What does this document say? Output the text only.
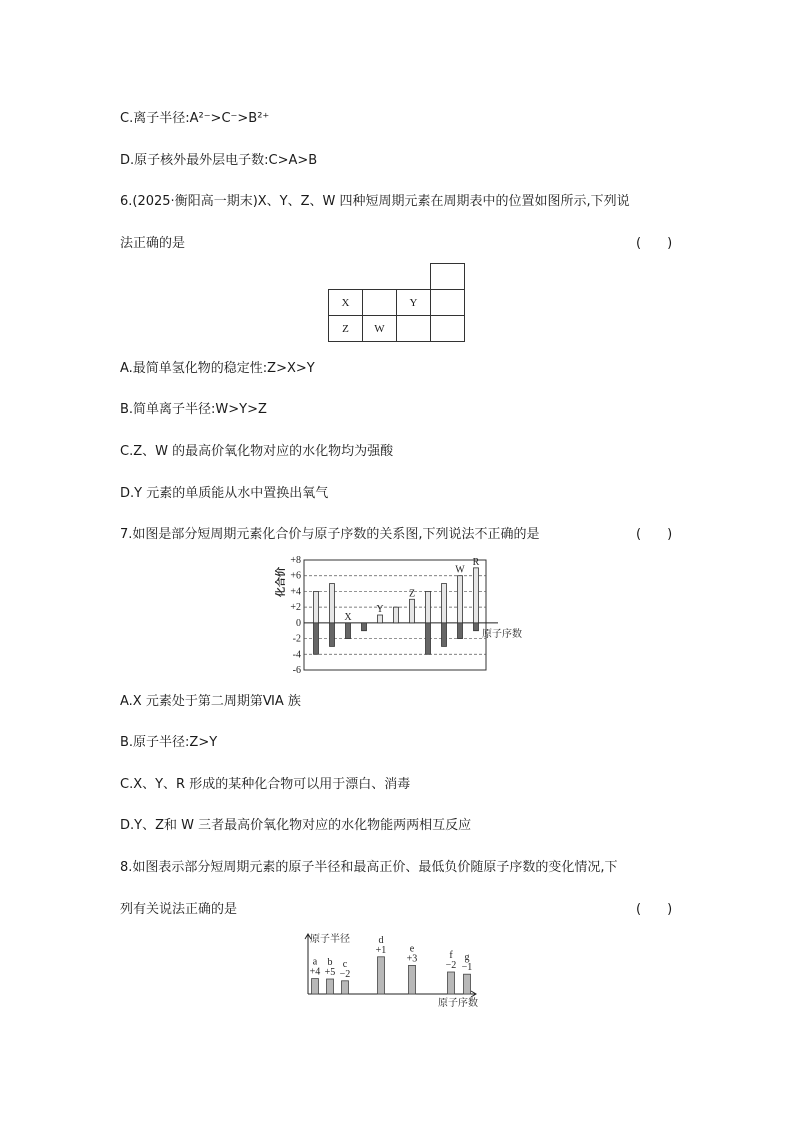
C.离子半径:A²⁻>C⁻>B²⁺
D.原子核外最外层电子数:C>A>B
6.(2025·衡阳高一期末)X、Y、Z、W 四种短周期元素在周期表中的位置如图所示,下列说
法正确的是	(　　)

X		Y	
Z	W		
A.最简单氢化物的稳定性:Z>X>Y
B.简单离子半径:W>Y>Z
C.Z、W 的最高价氧化物对应的水化物均为强酸
D.Y 元素的单质能从水中置换出氧气
7.如图是部分短周期元素化合价与原子序数的关系图,下列说法不正确的是	(　　)
+8
+6
+4
+2
0
-2
-4
-6
化合价
原子序数
X
Y
Z
W
R
A.X 元素处于第二周期第ⅥA 族
B.原子半径:Z>Y
C.X、Y、R 形成的某种化合物可以用于漂白、消毒
D.Y、Z和 W 三者最高价氧化物对应的水化物能两两相互反应
8.如图表示部分短周期元素的原子半径和最高正价、最低负价随原子序数的变化情况,下
列有关说法正确的是	(　　)
原子半径
原子序数
+4
a
+5
b
−2
c
+1
d
+3
e
−2
f
−1
g
